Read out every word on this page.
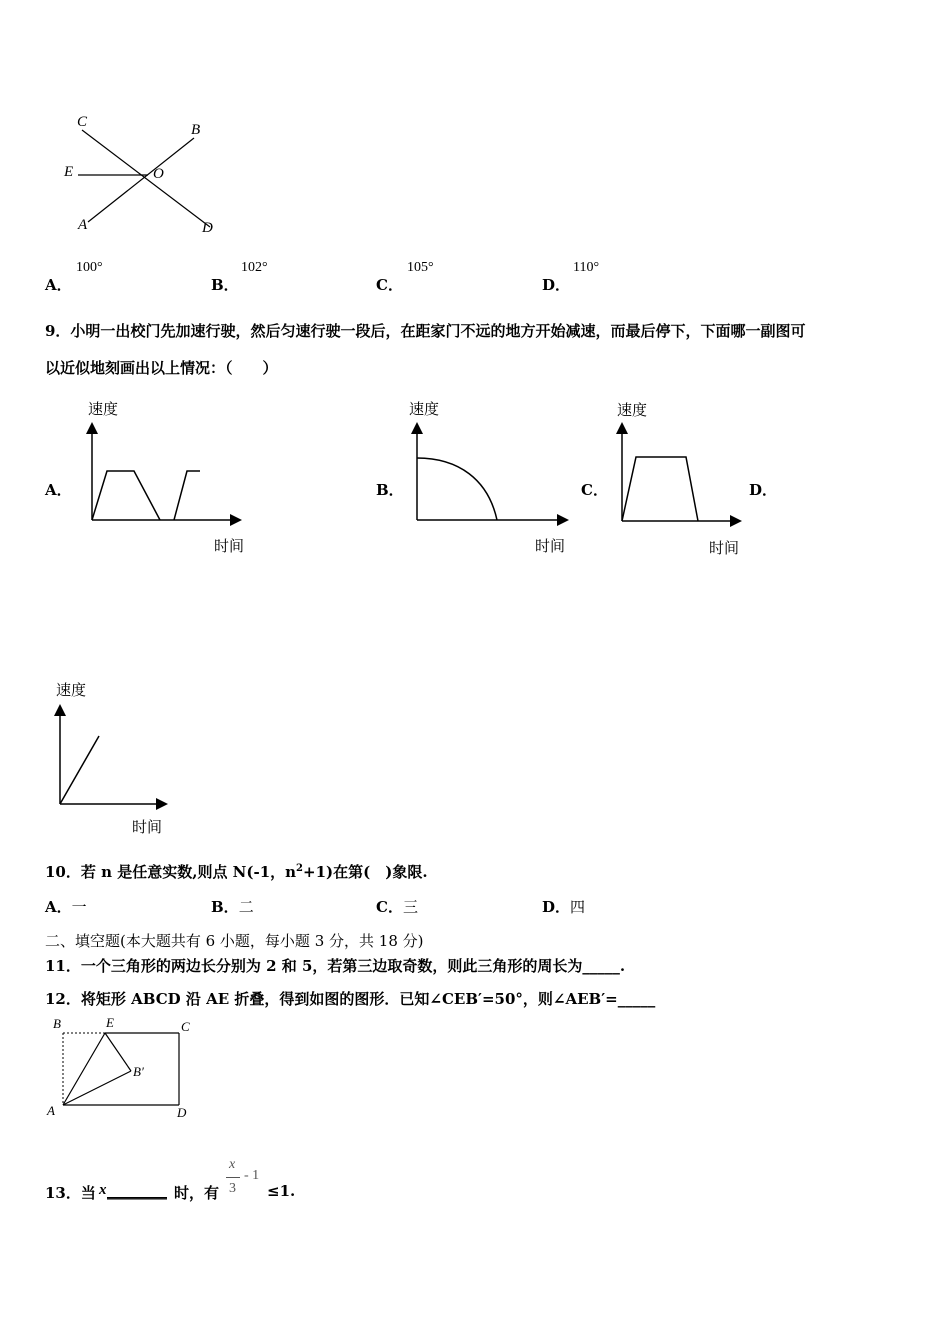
C	B
E	O
A	D
A．
100°
B．
102°
C．
105°
D．
110°
9．小明一出校门先加速行驶，然后匀速行驶一段后，在距家门不远的地方开始减速，而最后停下，下面哪一副图可
以近似地刻画出以上情况：（　　）
速度
时间
A．
速度
时间
B．
速度
时间
C．	D．
速度
时间
10．若 n 是任意实数,则点 N(-1，$n^2+1$)在第(　)象限.
A．一	B．二	C．三	D．四
二、填空题(本大题共有 6 小题，每小题 3 分，共 18 分)
11．一个三角形的两边长分别为 2 和 5，若第三边取奇数，则此三角形的周长为_____.
12．将矩形 ABCD 沿 AE 折叠，得到如图的图形．已知∠CEB′=50°，则∠AEB′=_____
B	E	C
B′
A	D
13．当 x ________ 时，有
x
3
- 1
≤1.
